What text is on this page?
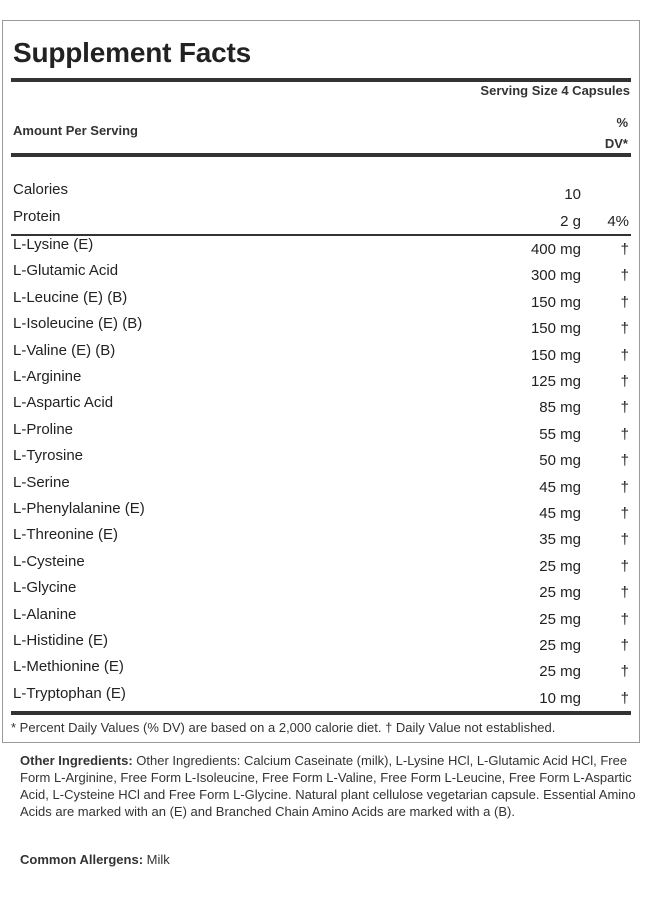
Supplement Facts
Serving Size 4 Capsules
Amount Per Serving
%
DV*
Calories	10
Protein	2 g 4%
L-Lysine (E)	400 mg	†
L-Glutamic Acid	300 mg	†
L-Leucine (E) (B)	150 mg	†
L-Isoleucine (E) (B)	150 mg	†
L-Valine (E) (B)	150 mg	†
L-Arginine	125 mg	†
L-Aspartic Acid	85 mg	†
L-Proline	55 mg	†
L-Tyrosine	50 mg	†
L-Serine	45 mg	†
L-Phenylalanine (E)	45 mg	†
L-Threonine (E)	35 mg	†
L-Cysteine	25 mg	†
L-Glycine	25 mg	†
L-Alanine	25 mg	†
L-Histidine (E)	25 mg	†
L-Methionine (E)	25 mg	†
L-Tryptophan (E)	10 mg	†
* Percent Daily Values (% DV) are based on a 2,000 calorie diet. † Daily Value not established.

Other Ingredients: Other Ingredients: Calcium Caseinate (milk), L-Lysine HCl, L-Glutamic Acid HCl, Free Form L-Arginine, Free Form L-Isoleucine, Free Form L-Valine, Free Form L-Leucine, Free Form L-Aspartic Acid, L-Cysteine HCl and Free Form L-Glycine. Natural plant cellulose vegetarian capsule. Essential Amino Acids are marked with an (E) and Branched Chain Amino Acids are marked with a (B).

Common Allergens: Milk
